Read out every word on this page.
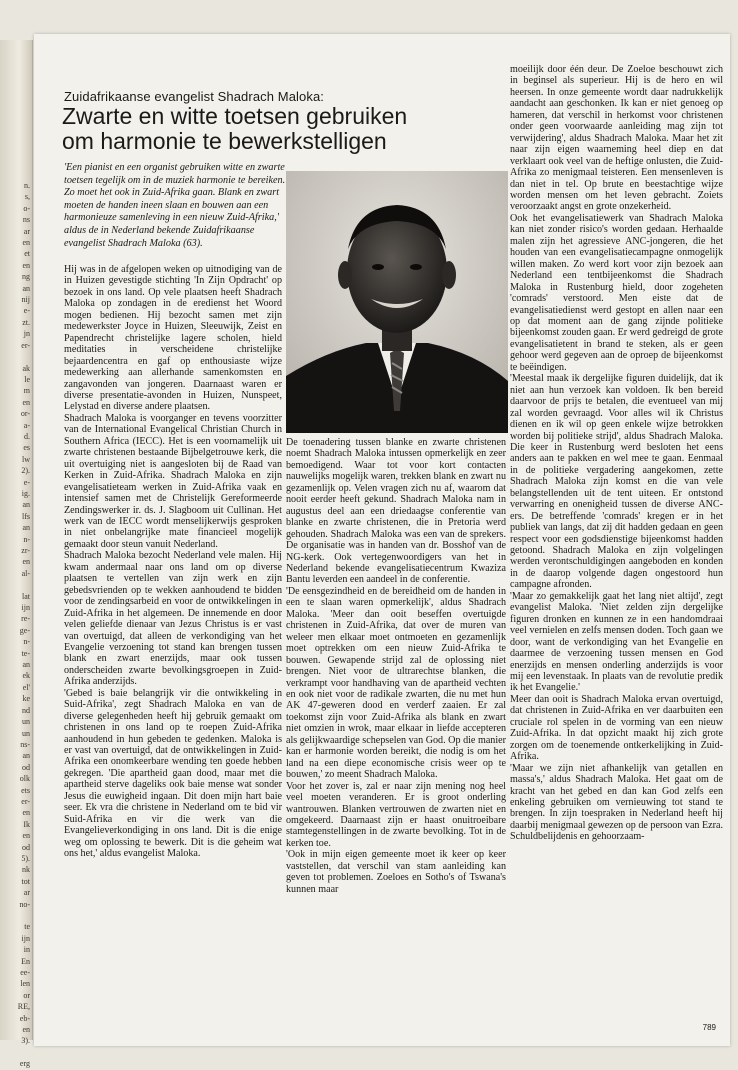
n.
s,
o-
ns
ar
en
et
en
ng
an
nij
e-
zt.
jn
er-

ak
le
m
en
or-
a-
d.
es
lw
2).
e-
ig.
an
lfs
an
n-
zr-
en
al-

lat
ijn
re-
ge-
n-
te-
an
ek
el'
ke
nd
un
un
ns-
an
od
olk
ets
er-
en
Ik
en
od
5).
nk
tot
ar
no-

te
ijn
in
En
ee-
len
or
RE,
eb-
en
3).

erg
Zuidafrikaanse evangelist Shadrach Maloka:
Zwarte en witte toetsen gebruiken
om harmonie te bewerkstelligen
'Een pianist en een organist gebruiken witte en zwarte toetsen tegelijk om in de muziek harmonie te bereiken. Zo moet het ook in Zuid-Afrika gaan. Blank en zwart moeten de handen ineen slaan en bouwen aan een harmonieuze samenleving in een nieuw Zuid-Afrika,' aldus de in Nederland bekende Zuidafrikaanse evangelist Shadrach Maloka (63).

Hij was in de afgelopen weken op uitnodiging van de in Huizen gevestigde stichting 'In Zijn Opdracht' op bezoek in ons land. Op vele plaatsen heeft Shadrach Maloka op zondagen in de eredienst het Woord mogen bedienen. Hij bezocht samen met zijn medewerkster Joyce in Huizen, Sleeuwijk, Zeist en Papendrecht christelijke lagere scholen, hield meditaties in verscheidene christelijke bejaardencentra en gaf op enthousiaste wijze medewerking aan allerhande samenkomsten en zangavonden van jongeren. Daarnaast waren er diverse presentatie-avonden in Huizen, Nunspeet, Lelystad en diverse andere plaatsen.

Shadrach Maloka is voorganger en tevens voorzitter van de International Evangelical Christian Church in Southern Africa (IECC). Het is een voornamelijk uit zwarte christenen bestaande Bijbelgetrouwe kerk, die uit overtuiging niet is aangesloten bij de Raad van Kerken in Zuid-Afrika. Shadrach Maloka en zijn evangelisatieteam werken in Zuid-Afrika vaak en intensief samen met de Christelijk Gereformeerde Zendingswerker ir. ds. J. Slagboom uit Cullinan. Het werk van de IECC wordt menselijkerwijs gesproken in niet onbelangrijke mate financieel mogelijk gemaakt door steun vanuit Nederland.

Shadrach Maloka bezocht Nederland vele malen. Hij kwam andermaal naar ons land om op diverse plaatsen te vertellen van zijn werk en zijn gebedsvrienden op te wekken aanhoudend te bidden voor de zendingsarbeid en voor de ontwikkelingen in Zuid-Afrika in het algemeen. De innemende en door velen geliefde dienaar van Jezus Christus is er vast van overtuigd, dat alleen de verkondiging van het Evangelie verzoening tot stand kan brengen tussen blank en zwart enerzijds, maar ook tussen onderscheiden zwarte bevolkingsgroepen in Zuid-Afrika anderzijds.

'Gebed is baie belangrijk vir die ontwikkeling in Suid-Afrika', zegt Shadrach Maloka en van de diverse gelegenheden heeft hij gebruik gemaakt om christenen in ons land op te roepen Zuid-Afrika aanhoudend in hun gebeden te gedenken. Maloka is er vast van overtuigd, dat de ontwikkelingen in Zuid-Afrika een onomkeerbare wending ten goede hebben gekregen. 'Die apartheid gaan dood, maar met die apartheid sterve dageliks ook baie mense wat sonder Jesus die euwigheid ingaan. Dit doen mijn hart baie seer. Ek vra die christene in Nederland om te bid vir Suid-Afrika en vir die werk van die Evangelieverkondiging in ons land. Dit is die enige weg om oplossing te bewerk. Dit is die geheim wat ons het,' aldus evangelist Maloka.

De toenadering tussen blanke en zwarte christenen noemt Shadrach Maloka intussen opmerkelijk en zeer bemoedigend. Waar tot voor kort contacten nauwelijks mogelijk waren, trekken blank en zwart nu gezamenlijk op. Velen vragen zich nu af, waarom dat nooit eerder heeft gekund. Shadrach Maloka nam in augustus deel aan een driedaagse conferentie van blanke en zwarte christenen, die in Pretoria werd gehouden. Shadrach Maloka was een van de sprekers. De organisatie was in handen van dr. Bosshof van de NG-kerk. Ook vertegenwoordigers van het in Nederland bekende evangelisatiecentrum Kwaziza Bantu leverden een aandeel in de conferentie.

'De eensgezindheid en de bereidheid om de handen in een te slaan waren opmerkelijk', aldus Shadrach Maloka. 'Meer dan ooit beseffen overtuigde christenen in Zuid-Afrika, dat over de muren van weleer men elkaar moet ontmoeten en gezamenlijk moet optrekken om een nieuw Zuid-Afrika te bouwen. Gewapende strijd zal de oplossing niet brengen. Niet voor de ultrarechtse blanken, die verkrampt voor handhaving van de apartheid vechten en ook niet voor de radikale zwarten, die nu met hun AK 47-geweren dood en verderf zaaien. Er zal toekomst zijn voor Zuid-Afrika als blank en zwart niet omzien in wrok, maar elkaar in liefde accepteren als gelijkwaardige schepselen van God. Op die manier kan er harmonie worden bereikt, die nodig is om het land na een diepe economische crisis weer op te bouwen,' zo meent Shadrach Maloka.

Voor het zover is, zal er naar zijn mening nog heel veel moeten veranderen. Er is groot onderling wantrouwen. Blanken vertrouwen de zwarten niet en omgekeerd. Daarnaast zijn er haast onuitroeibare stamtegenstellingen in de zwarte bevolking. Tot in de kerken toe.

'Ook in mijn eigen gemeente moet ik keer op keer vaststellen, dat verschil van stam aanleiding kan geven tot problemen. Zoeloes en Sotho's of Tswana's kunnen maar

moeilijk door één deur. De Zoeloe beschouwt zich in beginsel als superieur. Hij is de hero en wil heersen. In onze gemeente wordt daar nadrukkelijk aandacht aan geschonken. Ik kan er niet genoeg op hameren, dat verschil in herkomst voor christenen onder geen voorwaarde aanleiding mag zijn tot verwijdering', aldus Shadrach Maloka. Maar het zit naar zijn eigen waarneming heel diep en dat verklaart ook veel van de heftige onlusten, die Zuid-Afrika zo menigmaal teisteren. Een mensenleven is dan niet in tel. Op brute en beestachtige wijze worden mensen om het leven gebracht. Zoiets veroorzaakt angst en grote onzekerheid.

Ook het evangelisatiewerk van Shadrach Maloka kan niet zonder risico's worden gedaan. Herhaalde malen zijn het agressieve ANC-jongeren, die het houden van een evangelisatiecampagne onmogelijk willen maken. Zo werd kort voor zijn bezoek aan Nederland een tentbijeenkomst die Shadrach Maloka in Rustenburg hield, door zogeheten 'comrads' verstoord. Men eiste dat de evangelisatiedienst werd gestopt en allen naar een op dat moment aan de gang zijnde politieke bijeenkomst zouden gaan. Er werd gedreigd de grote evangelisatietent in brand te steken, als er geen gehoor werd gegeven aan de oproep de bijeenkomst te beëindigen.

'Meestal maak ik dergelijke figuren duidelijk, dat ik niet aan hun verzoek kan voldoen. Ik ben bereid daarvoor de prijs te betalen, die eventueel van mij zal worden gevraagd. Voor alles wil ik Christus dienen en ik wil op geen enkele wijze betrokken worden bij politieke strijd', aldus Shadrach Maloka. Die keer in Rustenburg werd besloten het eens anders aan te pakken en wel mee te gaan. Eenmaal in de politieke vergadering aangekomen, zette Shadrach Maloka zijn komst en die van vele belangstellenden uit de tent uiteen. Er ontstond verwarring en onenigheid tussen de diverse ANC-ers. De betreffende 'comrads' kregen er in het publiek van langs, dat zij dit hadden gedaan en geen respect voor een godsdienstige bijeenkomst hadden getoond. Shadrach Maloka en zijn volgelingen werden verontschuldigingen aangeboden en konden in de daarop volgende dagen ongestoord hun campagne afronden.

'Maar zo gemakkelijk gaat het lang niet altijd', zegt evangelist Maloka. 'Niet zelden zijn dergelijke figuren dronken en kunnen ze in een handomdraai veel vernielen en zelfs mensen doden. Toch gaan we door, want de verkondiging van het Evangelie en daarmee de verzoening tussen mensen en God enerzijds en mensen onderling anderzijds is voor mij een levenstaak. In plaats van de revolutie predik ik het Evangelie.'

Meer dan ooit is Shadrach Maloka ervan overtuigd, dat christenen in Zuid-Afrika en ver daarbuiten een cruciale rol spelen in de vorming van een nieuw Zuid-Afrika. In dat opzicht maakt hij zich grote zorgen om de toenemende ontkerkelijking in Zuid-Afrika.

'Maar we zijn niet afhankelijk van getallen en massa's,' aldus Shadrach Maloka. Het gaat om de kracht van het gebed en dan kan God zelfs een enkeling gebruiken om vernieuwing tot stand te brengen. In zijn toespraken in Nederland heeft hij daarbij menigmaal gewezen op de persoon van Ezra. Schuldbelijdenis en gehoorzaam-

789
